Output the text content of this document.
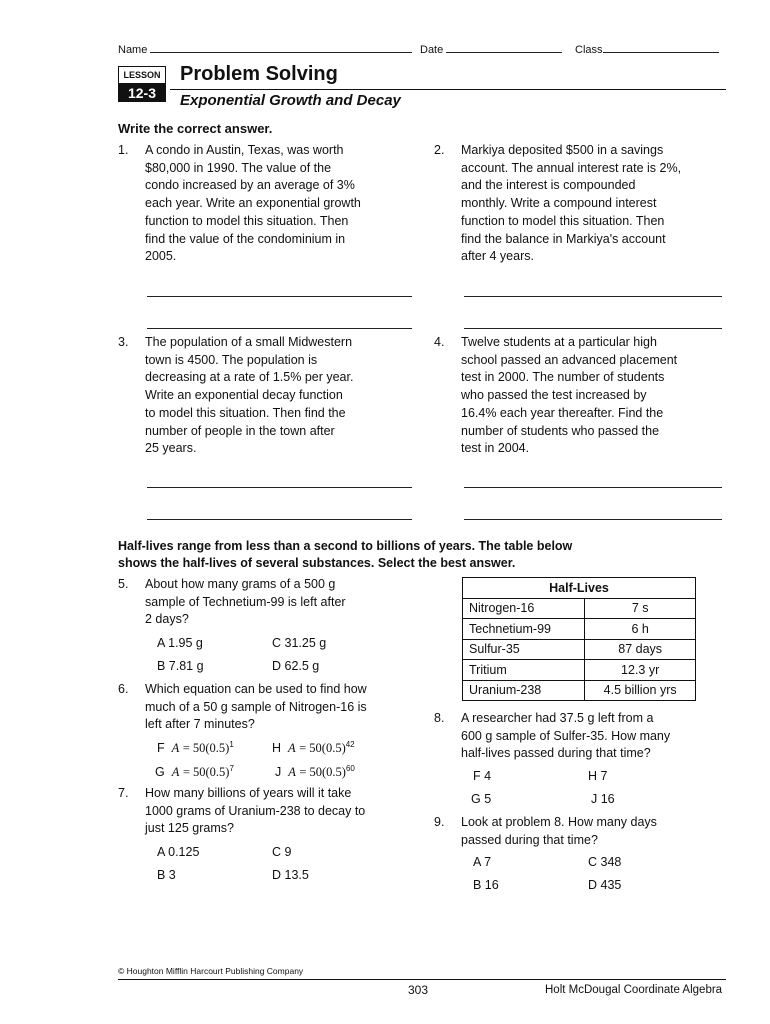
Name	Date	Class
LESSON
12-3
Problem Solving
Exponential Growth and Decay
Write the correct answer.
1. A condo in Austin, Texas, was worth
$80,000 in 1990. The value of the
condo increased by an average of 3%
each year. Write an exponential growth
function to model this situation. Then
find the value of the condominium in
2005.
2. Markiya deposited $500 in a savings
account. The annual interest rate is 2%,
and the interest is compounded
monthly. Write a compound interest
function to model this situation. Then
find the balance in Markiya's account
after 4 years.
3. The population of a small Midwestern
town is 4500. The population is
decreasing at a rate of 1.5% per year.
Write an exponential decay function
to model this situation. Then find the
number of people in the town after
25 years.
4. Twelve students at a particular high
school passed an advanced placement
test in 2000. The number of students
who passed the test increased by
16.4% each year thereafter. Find the
number of students who passed the
test in 2004.
Half-lives range from less than a second to billions of years. The table below
shows the half-lives of several substances. Select the best answer.
5. About how many grams of a 500 g
sample of Technetium-99 is left after
2 days?
A 1.95 g	C 31.25 g
B 7.81 g	D 62.5 g
6. Which equation can be used to find how
much of a 50 g sample of Nitrogen-16 is
left after 7 minutes?
F $A = 50(0.5)^1$	H $A = 50(0.5)^{42}$
G $A = 50(0.5)^7$	J $A = 50(0.5)^{60}$
7. How many billions of years will it take
1000 grams of Uranium-238 to decay to
just 125 grams?
A 0.125	C 9
B 3	D 13.5
Half-Lives	
Nitrogen-16	7 s
Technetium-99	6 h
Sulfur-35	87 days
Tritium	12.3 yr
Uranium-238	4.5 billion yrs
8. A researcher had 37.5 g left from a
600 g sample of Sulfer-35. How many
half-lives passed during that time?
F 4	H 7
G 5	J 16
9. Look at problem 8. How many days
passed during that time?
A 7	C 348
B 16	D 435
© Houghton Mifflin Harcourt Publishing Company
303	Holt McDougal Coordinate Algebra
